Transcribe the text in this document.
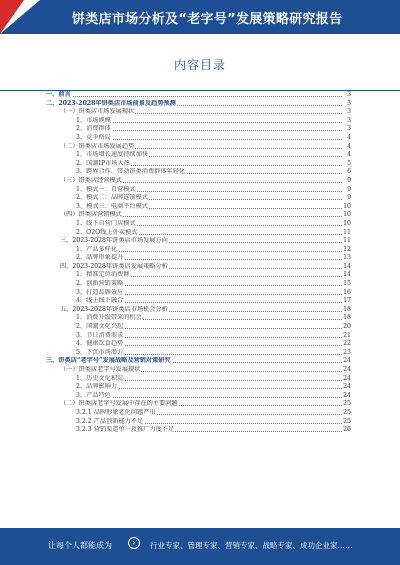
饼类店市场分析及“老字号”发展策略研究报告
内容目录
一、前言	3
二、2023-2028年饼类店市场前景及趋势预测	3
（一）饼类店市场发展现状	3
1、市场规模	3
2、消费群体	3
3、竞争格局	4
（二）饼类店市场发展趋势	4
1、市场增长速度持续加快	4
2、国潮IP市场大热	5
3、跨界合作，带动饼类消费群体年轻化	6
（三）饼类店经营模式	9
1、模式一：自营模式	9
2、模式二：品牌连锁模式	9
3、模式三：电商平台模式	10
（四）饼类店营销模式	10
1、线下自营门店模式	10
2、O2O线上外卖模式	11
三、2023-2028年饼类店市场发展方向	11
1、产品多样化	12
2、品牌形象提升	13
四、2023-2028年饼类店发展策略分析	14
1、精准定位消费群	14
2、创新营销策略	15
3、打造品牌效应	16
4、线上线下融合	17
五、2023-2028年饼类店市场机会分析	18
1、消费升级带来的机会	18
2、国潮文化兴起	20
3、节日消费需求	21
4、健康饮食趋势	22
5、下沉市场潜力	23
三、饼类店“老字号”发展战略及营销对策研究	24
（一）饼类店老字号发展现状	24
1、历史文化积淀	24
2、品牌影响力	24
3、产品特色	24
（二）饼类店老字号发展中存在的主要问题	25
3.2.1 品牌形象老化问题严重	25
3.2.2 产品创新能力不足	25
3.2.3 营销渠道单一及推广力度不足	26
让每个人都能成为	›	行业专家、管理专家、营销专家、战略专家、成功企业家……
